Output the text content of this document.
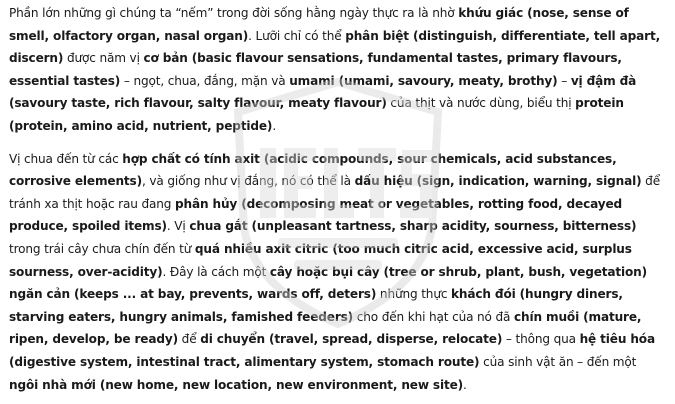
Phần lớn những gì chúng ta “nếm” trong đời sống hằng ngày thực ra là nhờ khứu giác (nose, sense of smell, olfactory organ, nasal organ). Lưỡi chỉ có thể phân biệt (distinguish, differentiate, tell apart, discern) được năm vị cơ bản (basic flavour sensations, fundamental tastes, primary flavours, essential tastes) – ngọt, chua, đắng, mặn và umami (umami, savoury, meaty, brothy) – vị đậm đà (savoury taste, rich flavour, salty flavour, meaty flavour) của thịt và nước dùng, biểu thị protein (protein, amino acid, nutrient, peptide).

Vị chua đến từ các hợp chất có tính axit (acidic compounds, sour chemicals, acid substances, corrosive elements), và giống như vị đắng, nó có thể là dấu hiệu (sign, indication, warning, signal) để tránh xa thịt hoặc rau đang phân hủy (decomposing meat or vegetables, rotting food, decayed produce, spoiled items). Vị chua gắt (unpleasant tartness, sharp acidity, sourness, bitterness) trong trái cây chưa chín đến từ quá nhiều axit citric (too much citric acid, excessive acid, surplus sourness, over-acidity). Đây là cách một cây hoặc bụi cây (tree or shrub, plant, bush, vegetation) ngăn cản (keeps ... at bay, prevents, wards off, deters) những thực khách đói (hungry diners, starving eaters, hungry animals, famished feeders) cho đến khi hạt của nó đã chín muồi (mature, ripen, develop, be ready) để di chuyển (travel, spread, disperse, relocate) – thông qua hệ tiêu hóa (digestive system, intestinal tract, alimentary system, stomach route) của sinh vật ăn – đến một ngôi nhà mới (new home, new location, new environment, new site).
